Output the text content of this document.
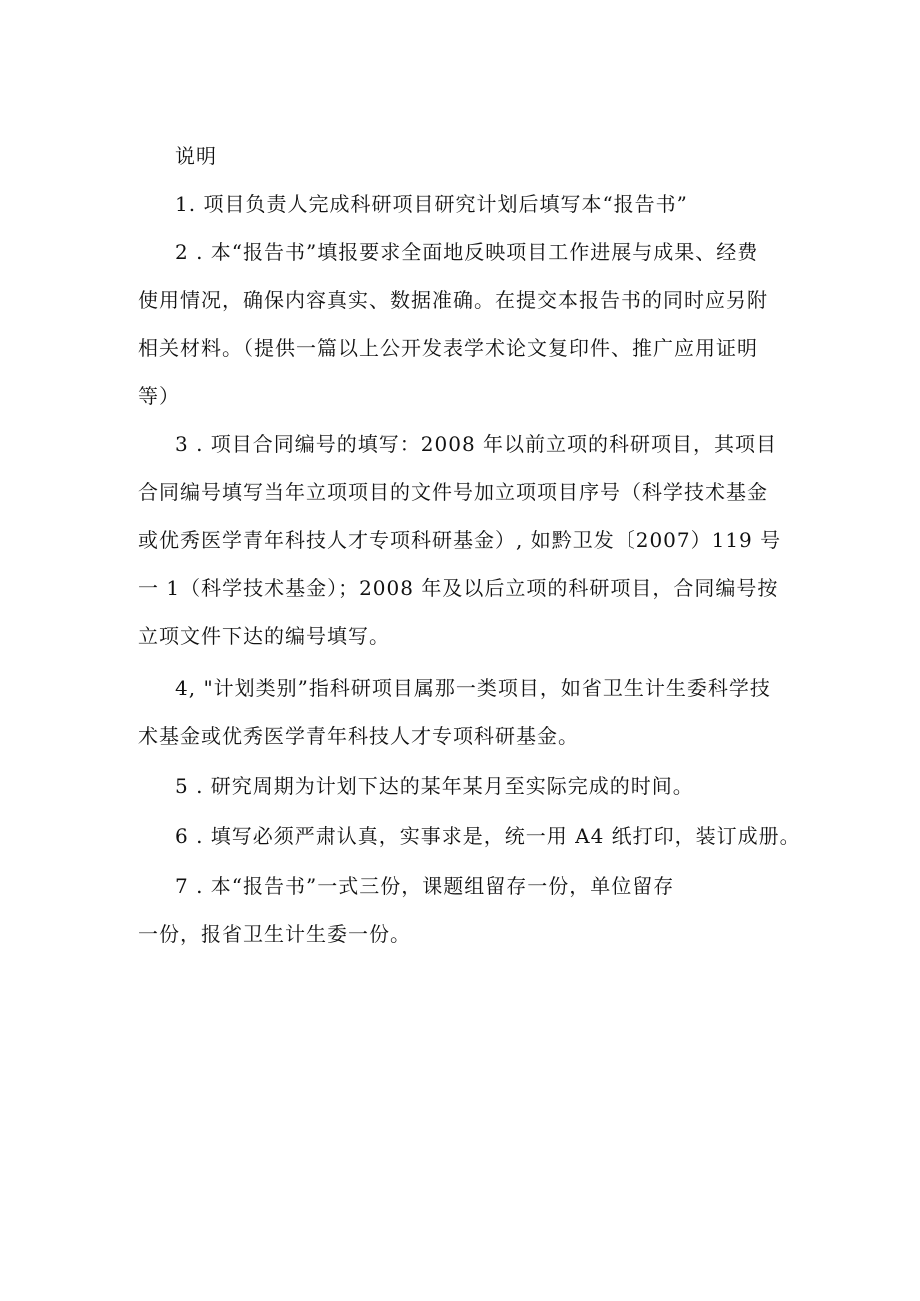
说明
1. 项目负责人完成科研项目研究计划后填写本“报告书”
2 . 本“报告书”填报要求全面地反映项目工作进展与成果、经费
使用情况，确保内容真实、数据准确。在提交本报告书的同时应另附
相关材料。（提供一篇以上公开发表学术论文复印件、推广应用证明
等）
3 . 项目合同编号的填写：2008 年以前立项的科研项目，其项目
合同编号填写当年立项项目的文件号加立项项目序号（科学技术基金
或优秀医学青年科技人才专项科研基金）, 如黔卫发〔2007）119 号
一 1（科学技术基金）；2008 年及以后立项的科研项目，合同编号按
立项文件下达的编号填写。
4, "计划类别”指科研项目属那一类项目，如省卫生计生委科学技
术基金或优秀医学青年科技人才专项科研基金。
5 . 研究周期为计划下达的某年某月至实际完成的时间。
6 . 填写必须严肃认真，实事求是，统一用 A4 纸打印，装订成册。
7 . 本“报告书”一式三份，课题组留存一份，单位留存
一份，报省卫生计生委一份。
